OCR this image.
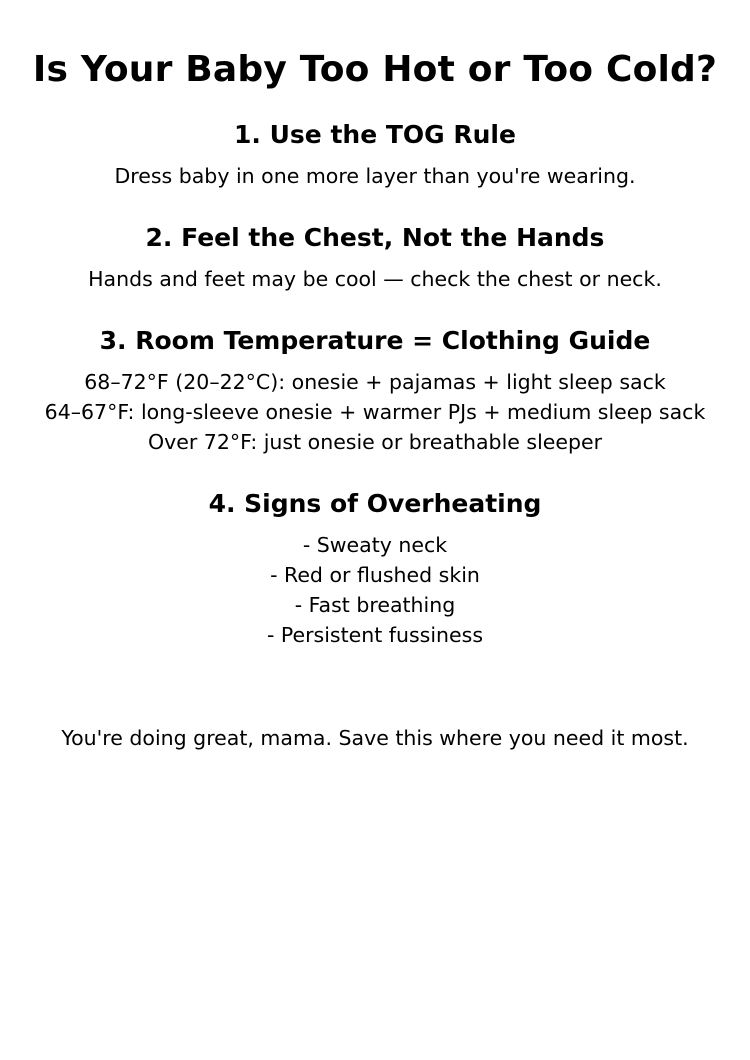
Is Your Baby Too Hot or Too Cold?
1. Use the TOG Rule

Dress baby in one more layer than you're wearing.

2. Feel the Chest, Not the Hands

Hands and feet may be cool — check the chest or neck.

3. Room Temperature = Clothing Guide

68–72°F (20–22°C): onesie + pajamas + light sleep sack

64–67°F: long-sleeve onesie + warmer PJs + medium sleep sack

Over 72°F: just onesie or breathable sleeper

4. Signs of Overheating

- Sweaty neck

- Red or flushed skin

- Fast breathing

- Persistent fussiness

You're doing great, mama. Save this where you need it most.
